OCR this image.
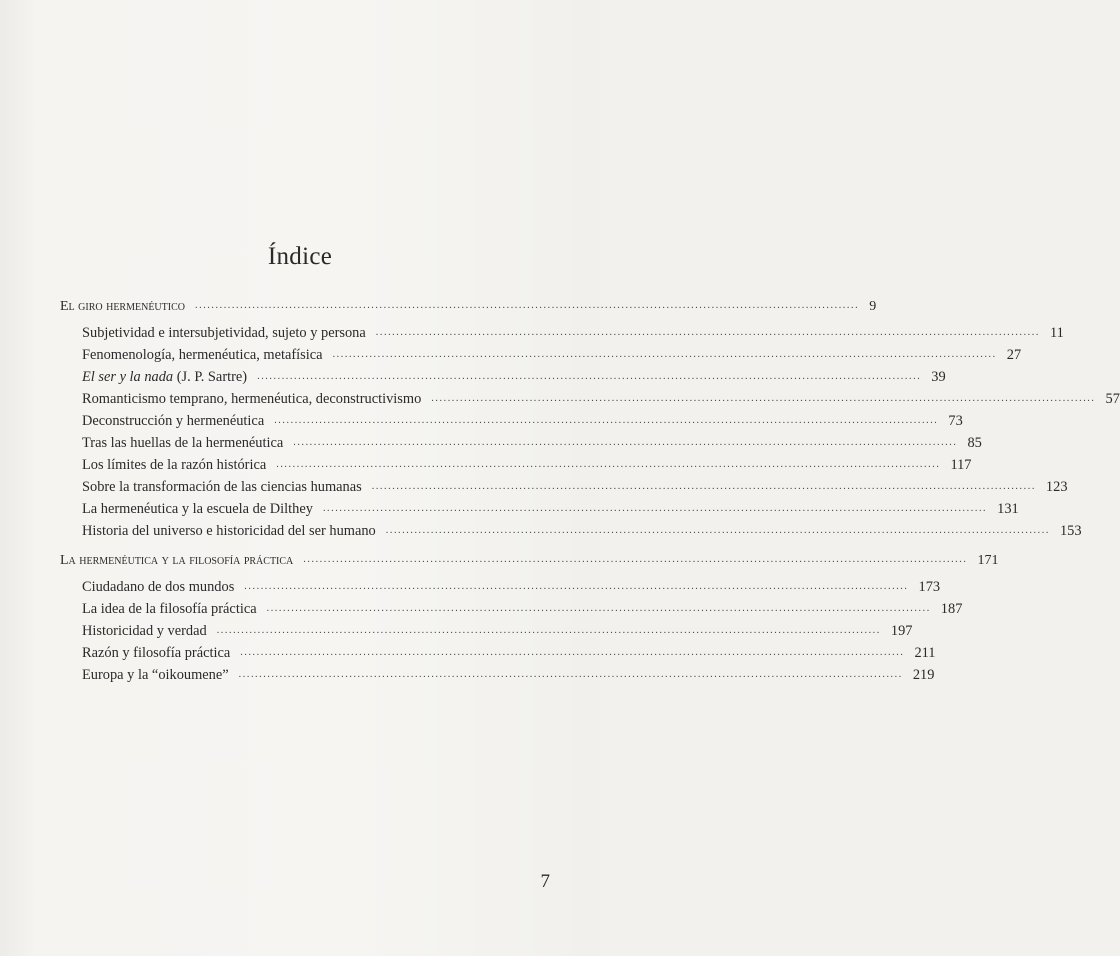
Índice
El giro hermenéutico .................................................................................................................................................................. 9
Subjetividad e intersubjetividad, sujeto y persona .................................................................................................................................................................. 11
Fenomenología, hermenéutica, metafísica .................................................................................................................................................................. 27
El ser y la nada (J. P. Sartre) .................................................................................................................................................................. 39
Romanticismo temprano, hermenéutica, deconstructivismo .................................................................................................................................................................. 57
Deconstrucción y hermenéutica .................................................................................................................................................................. 73
Tras las huellas de la hermenéutica .................................................................................................................................................................. 85
Los límites de la razón histórica .................................................................................................................................................................. 117
Sobre la transformación de las ciencias humanas .................................................................................................................................................................. 123
La hermenéutica y la escuela de Dilthey .................................................................................................................................................................. 131
Historia del universo e historicidad del ser humano .................................................................................................................................................................. 153
La hermenéutica y la filosofía práctica .................................................................................................................................................................. 171
Ciudadano de dos mundos .................................................................................................................................................................. 173
La idea de la filosofía práctica .................................................................................................................................................................. 187
Historicidad y verdad .................................................................................................................................................................. 197
Razón y filosofía práctica .................................................................................................................................................................. 211
Europa y la “oikoumene” .................................................................................................................................................................. 219
7
